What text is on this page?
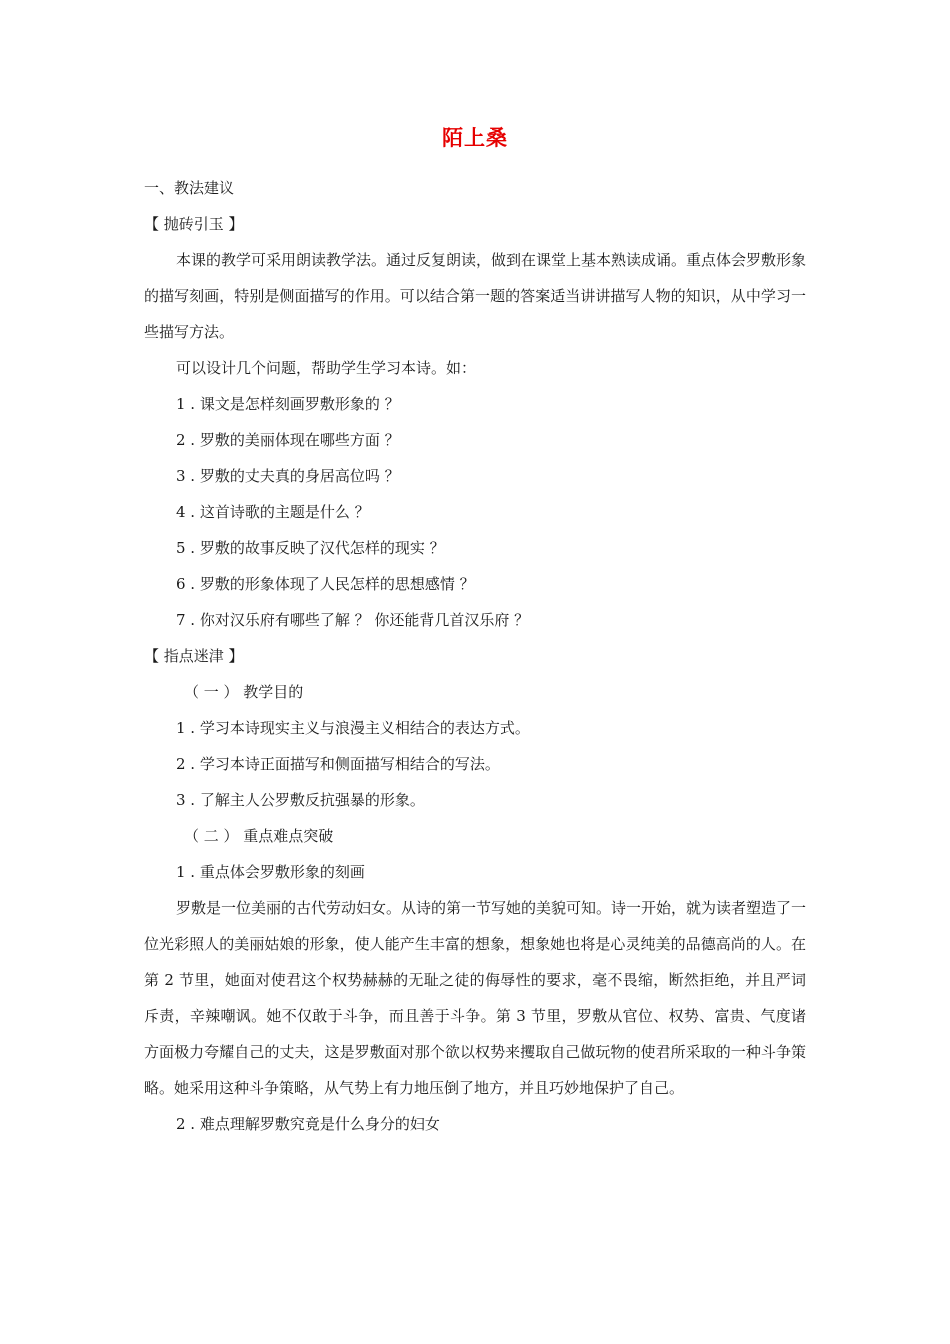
陌上桑
一、教法建议
【 抛砖引玉 】

本课的教学可采用朗读教学法。通过反复朗读，做到在课堂上基本熟读成诵。重点体会罗敷形象的描写刻画，特别是侧面描写的作用。可以结合第一题的答案适当讲讲描写人物的知识，从中学习一些描写方法。

可以设计几个问题，帮助学生学习本诗。如：

1 . 课文是怎样刻画罗敷形象的 ？
2 . 罗敷的美丽体现在哪些方面 ？
3 . 罗敷的丈夫真的身居高位吗 ？
4 . 这首诗歌的主题是什么 ？
5 . 罗敷的故事反映了汉代怎样的现实 ？
6 . 罗敷的形象体现了人民怎样的思想感情 ？
7 . 你对汉乐府有哪些了解 ？ 你还能背几首汉乐府 ？
【 指点迷津 】
（ 一 ） 教学目的
1 . 学习本诗现实主义与浪漫主义相结合的表达方式。
2 . 学习本诗正面描写和侧面描写相结合的写法。
3 . 了解主人公罗敷反抗强暴的形象。
（ 二 ） 重点难点突破
1 . 重点体会罗敷形象的刻画

罗敷是一位美丽的古代劳动妇女。从诗的第一节写她的美貌可知。诗一开始，就为读者塑造了一位光彩照人的美丽姑娘的形象，使人能产生丰富的想象，想象她也将是心灵纯美的品德高尚的人。在第 2 节里，她面对使君这个权势赫赫的无耻之徒的侮辱性的要求，毫不畏缩，断然拒绝，并且严词斥责，辛辣嘲讽。她不仅敢于斗争，而且善于斗争。第 3 节里，罗敷从官位、权势、富贵、气度诸方面极力夸耀自己的丈夫，这是罗敷面对那个欲以权势来攫取自己做玩物的使君所采取的一种斗争策略。她采用这种斗争策略，从气势上有力地压倒了地方，并且巧妙地保护了自己。

2 . 难点理解罗敷究竟是什么身分的妇女
